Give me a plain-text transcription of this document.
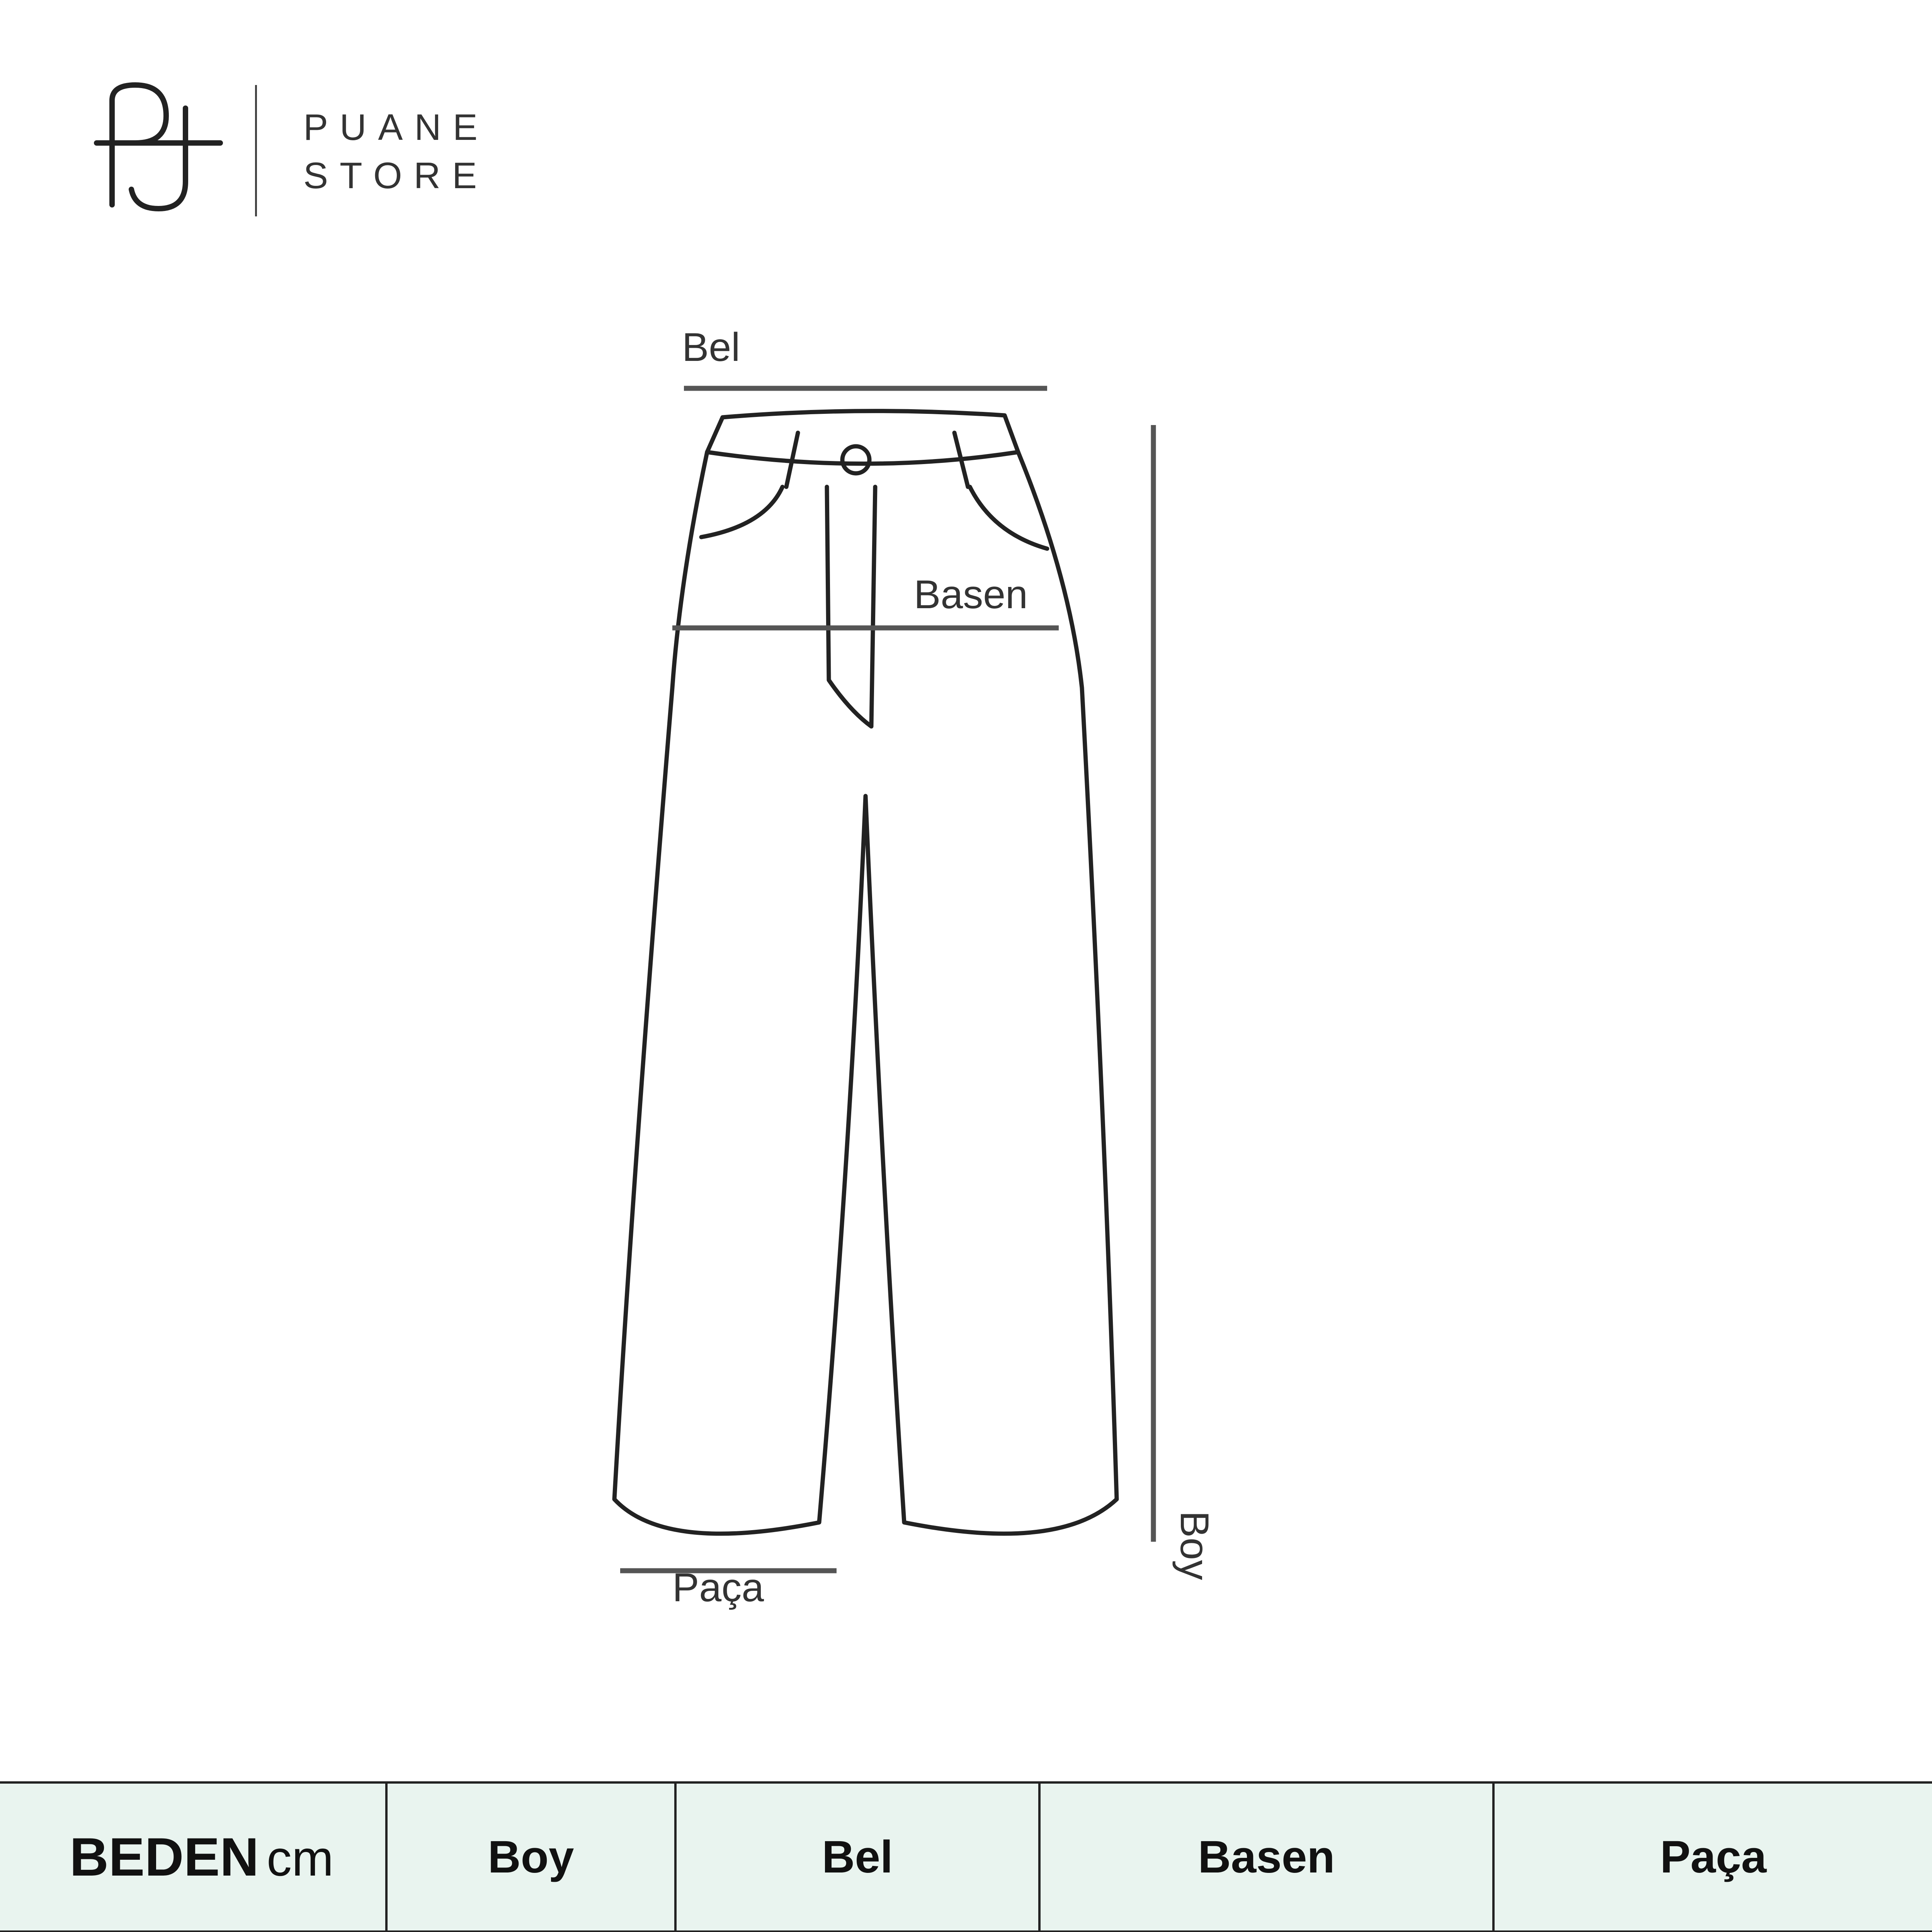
PUANE
STORE
Bel
Basen
Paça
Boy
BEDEN cm	Boy	Bel	Basen	Paça
